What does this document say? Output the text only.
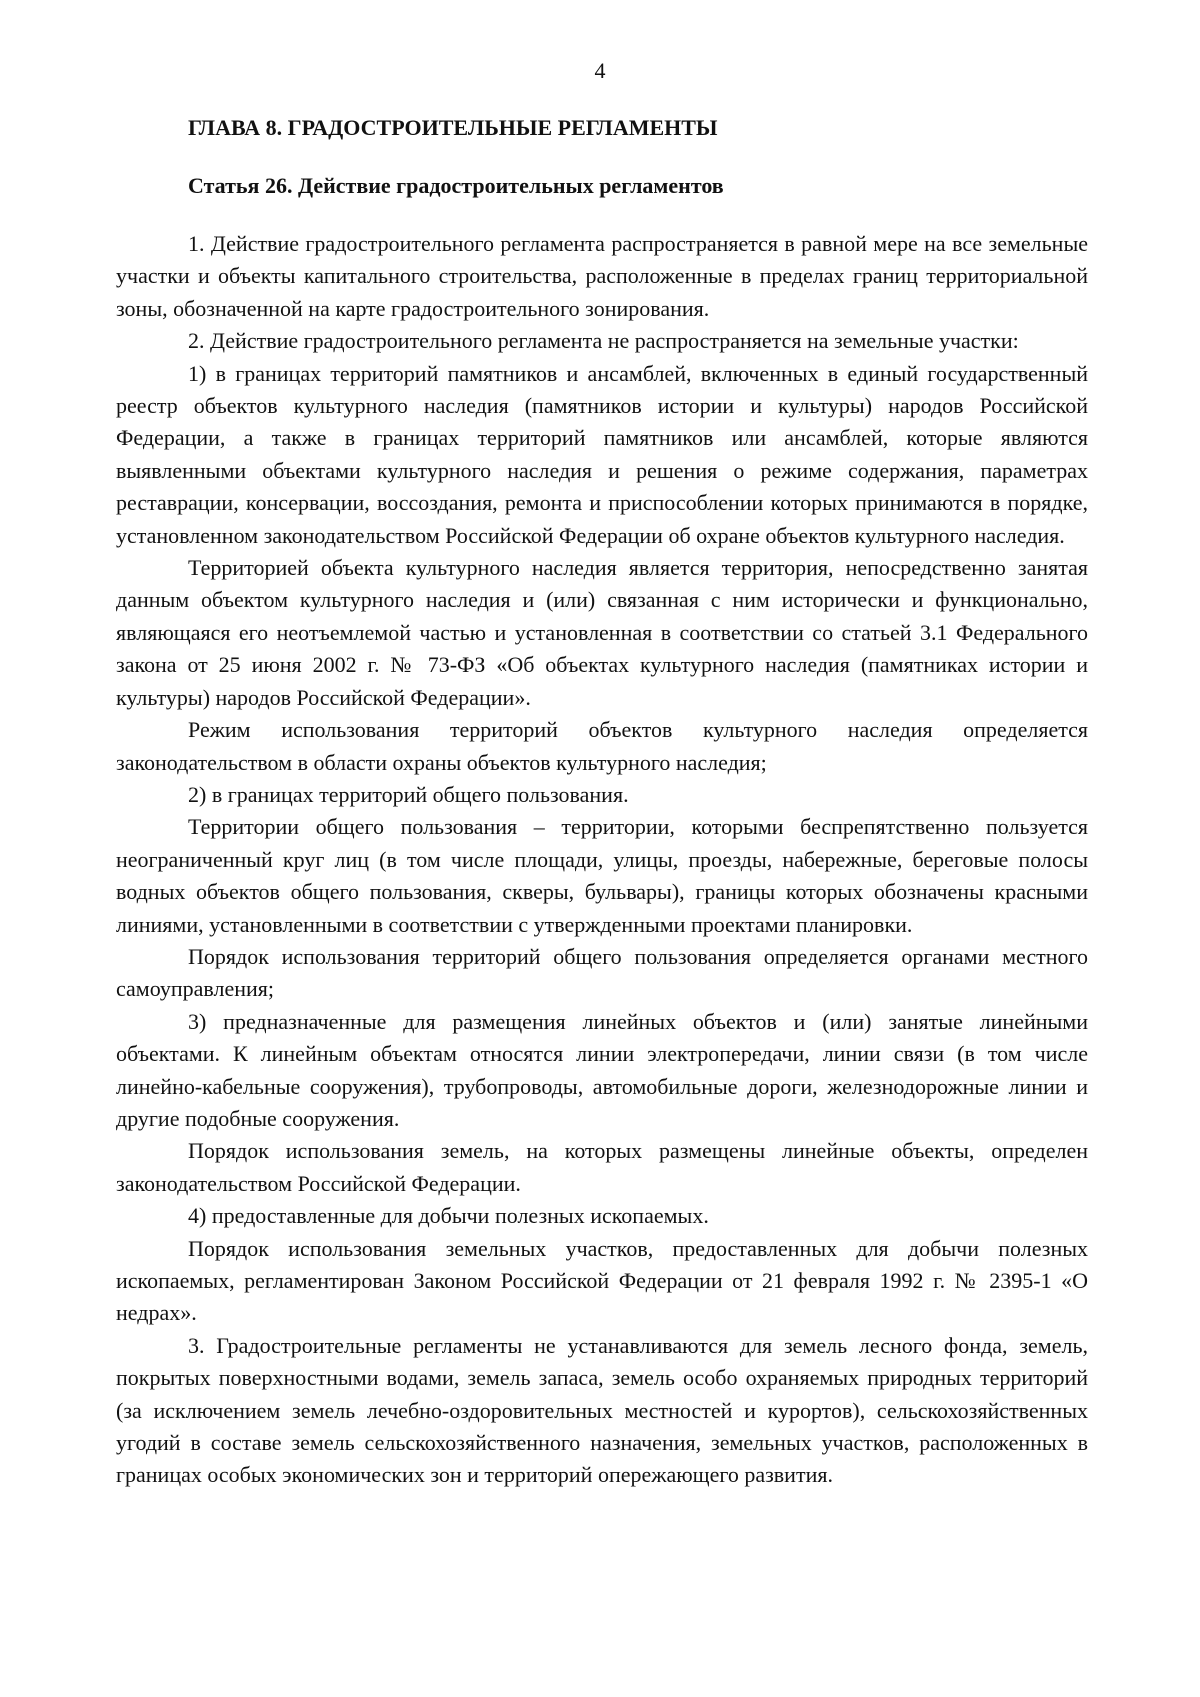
4
ГЛАВА 8. ГРАДОСТРОИТЕЛЬНЫЕ РЕГЛАМЕНТЫ
Статья 26. Действие градостроительных регламентов

1. Действие градостроительного регламента распространяется в равной мере на все земельные участки и объекты капитального строительства, расположенные в пределах границ территориальной зоны, обозначенной на карте градостроительного зонирования.

2. Действие градостроительного регламента не распространяется на земельные участки:

1) в границах территорий памятников и ансамблей, включенных в единый государственный реестр объектов культурного наследия (памятников истории и культуры) народов Российской Федерации, а также в границах территорий памятников или ансамблей, которые являются выявленными объектами культурного наследия и решения о режиме содержания, параметрах реставрации, консервации, воссоздания, ремонта и приспособлении которых принимаются в порядке, установленном законодательством Российской Федерации об охране объектов культурного наследия.

Территорией объекта культурного наследия является территория, непосредственно занятая данным объектом культурного наследия и (или) связанная с ним исторически и функционально, являющаяся его неотъемлемой частью и установленная в соответствии со статьей 3.1 Федерального закона от 25 июня 2002 г. № 73-ФЗ «Об объектах культурного наследия (памятниках истории и культуры) народов Российской Федерации».

Режим использования территорий объектов культурного наследия определяется законодательством в области охраны объектов культурного наследия;

2) в границах территорий общего пользования.

Территории общего пользования – территории, которыми беспрепятственно пользуется неограниченный круг лиц (в том числе площади, улицы, проезды, набережные, береговые полосы водных объектов общего пользования, скверы, бульвары), границы которых обозначены красными линиями, установленными в соответствии с утвержденными проектами планировки.

Порядок использования территорий общего пользования определяется органами местного самоуправления;

3) предназначенные для размещения линейных объектов и (или) занятые линейными объектами. К линейным объектам относятся линии электропередачи, линии связи (в том числе линейно-кабельные сооружения), трубопроводы, автомобильные дороги, железнодорожные линии и другие подобные сооружения.

Порядок использования земель, на которых размещены линейные объекты, определен законодательством Российской Федерации.

4) предоставленные для добычи полезных ископаемых.

Порядок использования земельных участков, предоставленных для добычи полезных ископаемых, регламентирован Законом Российской Федерации от 21 февраля 1992 г. № 2395-1 «О недрах».

3. Градостроительные регламенты не устанавливаются для земель лесного фонда, земель, покрытых поверхностными водами, земель запаса, земель особо охраняемых природных территорий (за исключением земель лечебно-оздоровительных местностей и курортов), сельскохозяйственных угодий в составе земель сельскохозяйственного назначения, земельных участков, расположенных в границах особых экономических зон и территорий опережающего развития.
